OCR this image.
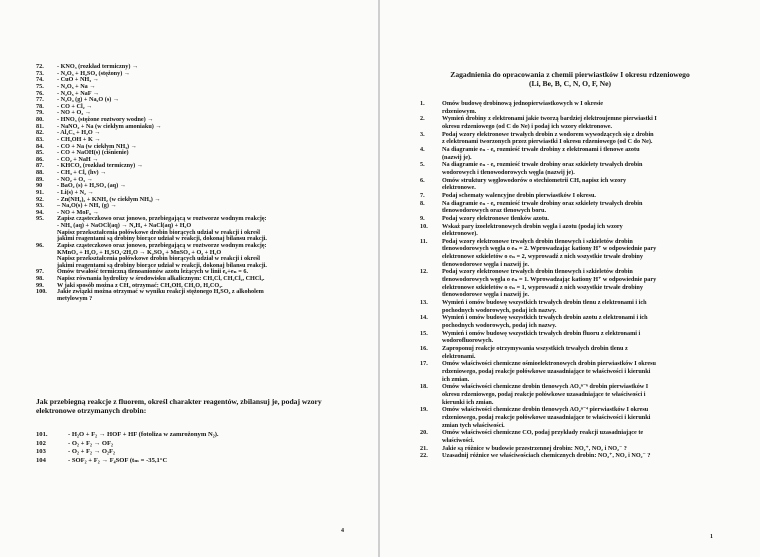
72.	- KNO₃ (rozkład termiczny) →
73.	- N₂O₃ + H₂SO₄ (stężony) →
74.	- CuO + NH₃ →
75.	- N₂O₅ + Na →
76.	- N₂O₅ + NaF →
77.	- N₂O₄ (g) + Na₂O (s) →
78.	- CO + Cl₂ →
79.	- NO + O₂ →
80.	- HNO₃ (stężone roztwory wodne) →
81.	- NaNO₂ + Na (w ciekłym amoniaku) →
82.	- Al₄C₃ + H₂O →
83.	- CH₃OH + K →
84.	- CO + Na (w ciekłym NH₃) →
85.	- CO + NaOH(s) (ciśnienie)
86.	- CO₂ + NaH →
87.	- KHCO₃ (rozkład termiczny) →
88.	- CH₄ + Cl₂ (hv) →
89.	- NO₂ + O₃ →
90	- BaO₂ (s) + H₂SO₄ (aq) →
91.	- Li(s) + N₂ →
92.	- Zn(NH₂)₂ + KNH₂ (w ciekłym NH₃) →
93.	– Na₂O(s) + NH₃ (g) →
94.	- NO + MoF₆ →
95.	Zapisz cząsteczkowo oraz jonowo, przebiegającą w roztworze wodnym reakcję:
- NH₃ (aq) + NaOCl(aq) → N₂H₄ + NaCl(aq) + H₂O
Napisz przekształcenia połówkowe drobin biorących udział w reakcji i określ
jakimi reagentami są drobiny biorące udział w reakcji, dokonaj bilansu reakcji.
96.	Zapisz cząsteczkowo oraz jonowo, przebiegającą w roztworze wodnym reakcję:
KMnO₄ + H₂O₂ + H₂SO₄·2H₂O → K₂SO₄ + MnSO₄ + O₂ + H₂O
Napisz przekształcenia połówkowe drobin biorących udział w reakcji i określ
jakimi reagentami są drobiny biorące udział w reakcji, dokonaj bilansu reakcji.
97.	Omów trwałość termiczną tlenoanionów azotu leżących w linii e₀+eₙ = 6.
98.	Napisz równania hydrolizy w środowisku alkalicznym: CH₃Cl, CH₂Cl₂, CHCl₃.
99.	W jaki sposób można z CH₄ otrzymać: CH₃OH, CH₂O, H₂CO₃.
100.	Jakie związki można otrzymać w wyniku reakcji stężonego H₂SO₄ z alkoholem
metylowym ?
Jak przebiegną reakcje z fluorem, określ charakter reagentów, zbilansuj je, podaj wzory elektronowe otrzymanych drobin:
101.	- H₂O + F₂ → HOF + HF (fotoliza w zamrożonym N₂).
102	- O₂ + F₂ → OF₂
103	- O₂ + F₂ → O₂F₂
104	- SOF₂ + F₂ → F₄SOF (tₘ = -35,1°C
4
Zagadnienia do opracowania z chemii pierwiastków I okresu rdzeniowego
(Li, Be, B, C, N, O, F, Ne)
1.	Omów budowę drobinową jednopierwiastkowych w I okresie
rdzeniowym.
2.	Wymień drobiny z elektronami jakie tworzą bardziej elektroujemne pierwiastki I
okresu rdzeniowego (od C do Ne) i podaj ich wzory elektronowe.
3.	Podaj wzory elektronowe trwałych drobin z wodorem wywodzących się z drobin
z elektronami tworzonych przez pierwiastki I okresu rdzeniowego (od C do Ne).
4.	Na diagramie eₙ - e₀ rozmieść trwałe drobiny z elektronami i tlenowe azotu
(nazwij je).
5.	Na diagramie eₙ - e₀ rozmieść trwałe drobiny oraz szkielety trwałych drobin
wodorowych i tlenowodorowych węgla (nazwij je).
6.	Omów struktury węglowodorów o stechiometrii CH, napisz ich wzory
elektronowe.
7.	Podaj schematy walencyjne drobin pierwiastków I okresu.
8.	Na diagramie eₙ - e₀ rozmieść trwałe drobiny oraz szkielety trwałych drobin
tlenowodorowych oraz tlenowych boru.
9.	Podaj wzory elektronowe tlenków azotu.
10.	Wskaż pary izoelektronowych drobin węgla i azotu (podaj ich wzory
elektronowe).
11.	Podaj wzory elektronowe trwałych drobin tlenowych i szkieletów drobin
tlenowodorowych węgla o eₙ = 2. Wprowadzając kationy H⁺ w odpowiednie pary
elektronowe szkieletów o eₙ = 2, wyprowadź z nich wszystkie trwałe drobiny
tlenowodorowe węgla i nazwij je.
12.	Podaj wzory elektronowe trwałych drobin tlenowych i szkieletów drobin
tlenowodorowych węgla o eₙ = 1. Wprowadzając kationy H⁺ w odpowiednie pary
elektronowe szkieletów o eₙ = 1, wyprowadź z nich wszystkie trwałe drobiny
tlenowodorowe węgla i nazwij je.
13.	Wymień i omów budowę wszystkich trwałych drobin tlenu z elektronami i ich
pochodnych wodorowych, podaj ich nazwy.
14.	Wymień i omów budowę wszystkich trwałych drobin azotu z elektronami i ich
pochodnych wodorowych, podaj ich nazwy.
15.	Wymień i omów budowę wszystkich trwałych drobin fluoru z elektronami i
wodorofluorowych.
16.	Zaproponuj reakcje otrzymywania wszystkich trwałych drobin tlenu z
elektronami.
17.	Omów właściwości chemiczne ośmioelektronowych drobin pierwiastków I okresu
rdzeniowego, podaj reakcje połówkowe uzasadniające te właściwości i kierunki
ich zmian.
18.	Omów właściwości chemiczne drobin tlenowych AO₃ⁿ⁻⁶ drobin pierwiastków I
okresu rdzeniowego, podaj reakcje połówkowe uzasadniające te właściwości i
kierunki ich zmian.
19.	Omów właściwości chemiczne drobin tlenowych AO₂ⁿ⁻⁴ pierwiastków I okresu
rdzeniowego, podaj reakcje połówkowe uzasadniające te właściwości i kierunki
zmian tych właściwości.
20.	Omów właściwości chemiczne CO, podaj przykłady reakcji uzasadniające te
właściwości.
21.	Jakie są różnice w budowie przestrzennej drobin: NO₂⁺, NO₂ i NO₂⁻ ?
22.	Uzasadnij różnice we właściwościach chemicznych drobin: NO₂⁺, NO₂ i NO₂⁻ ?
1
